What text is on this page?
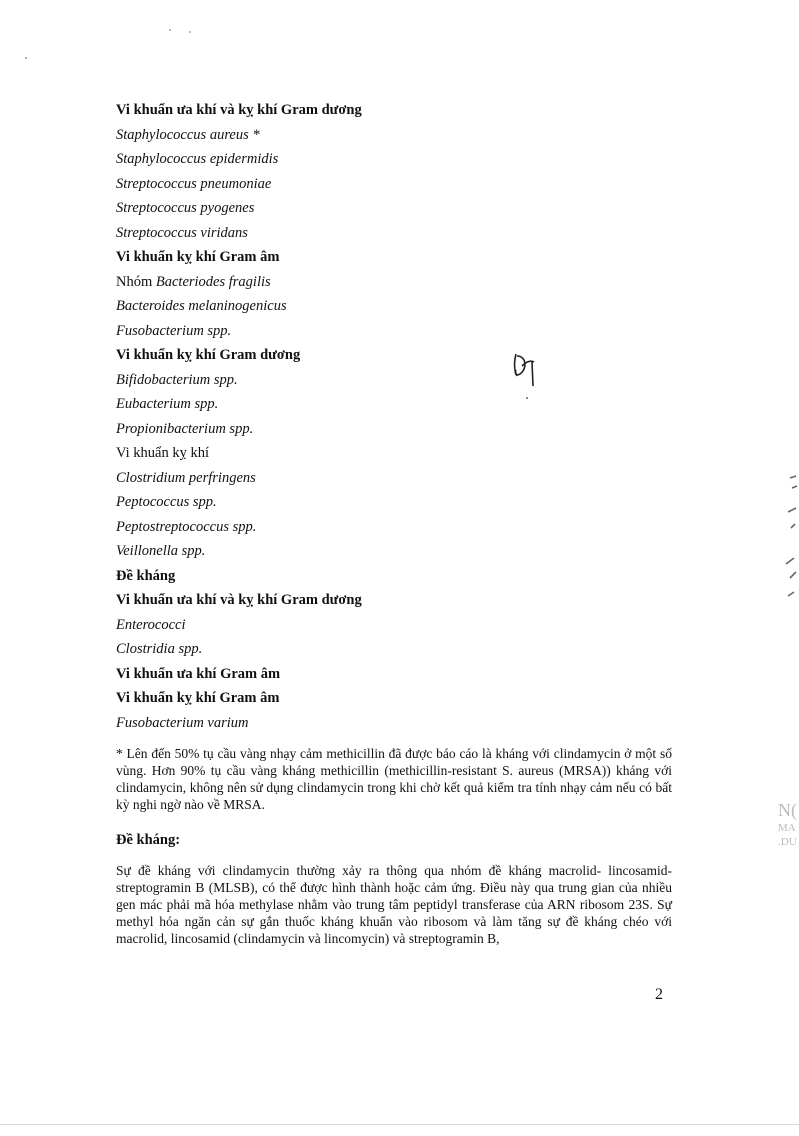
Vi khuẩn ưa khí và kỵ khí Gram dương
Staphylococcus aureus *
Staphylococcus epidermidis
Streptococcus pneumoniae
Streptococcus pyogenes
Streptococcus viridans
Vi khuẩn kỵ khí Gram âm
Nhóm Bacteriodes fragilis
Bacteroides melaninogenicus
Fusobacterium spp.
Vi khuẩn kỵ khí Gram dương
Bifidobacterium spp.
Eubacterium spp.
Propionibacterium spp.
Vi khuẩn kỵ khí
Clostridium perfringens
Peptococcus spp.
Peptostreptococcus spp.
Veillonella spp.
Đề kháng
Vi khuẩn ưa khí và kỵ khí Gram dương
Enterococci
Clostridia spp.
Vi khuẩn ưa khí Gram âm
Vi khuẩn kỵ khí Gram âm
Fusobacterium varium
* Lên đến 50% tụ cầu vàng nhạy cảm methicillin đã được báo cáo là kháng với clindamycin ở một số vùng. Hơn 90% tụ cầu vàng kháng methicillin (methicillin-resistant S. aureus (MRSA)) kháng với clindamycin, không nên sử dụng clindamycin trong khi chờ kết quả kiểm tra tính nhạy cảm nếu có bất kỳ nghi ngờ nào về MRSA.
Đề kháng:
Sự đề kháng với clindamycin thường xảy ra thông qua nhóm đề kháng macrolid- lincosamid-streptogramin B (MLSB), có thể được hình thành hoặc cảm ứng. Điều này qua trung gian của nhiều gen mác phải mã hóa methylase nhằm vào trung tâm peptidyl transferase của ARN ribosom 23S. Sự methyl hóa ngăn cản sự gắn thuốc kháng khuẩn vào ribosom và làm tăng sự đề kháng chéo với macrolid, lincosamid (clindamycin và lincomycin) và streptogramin B,
2
N(
MA
.DU
